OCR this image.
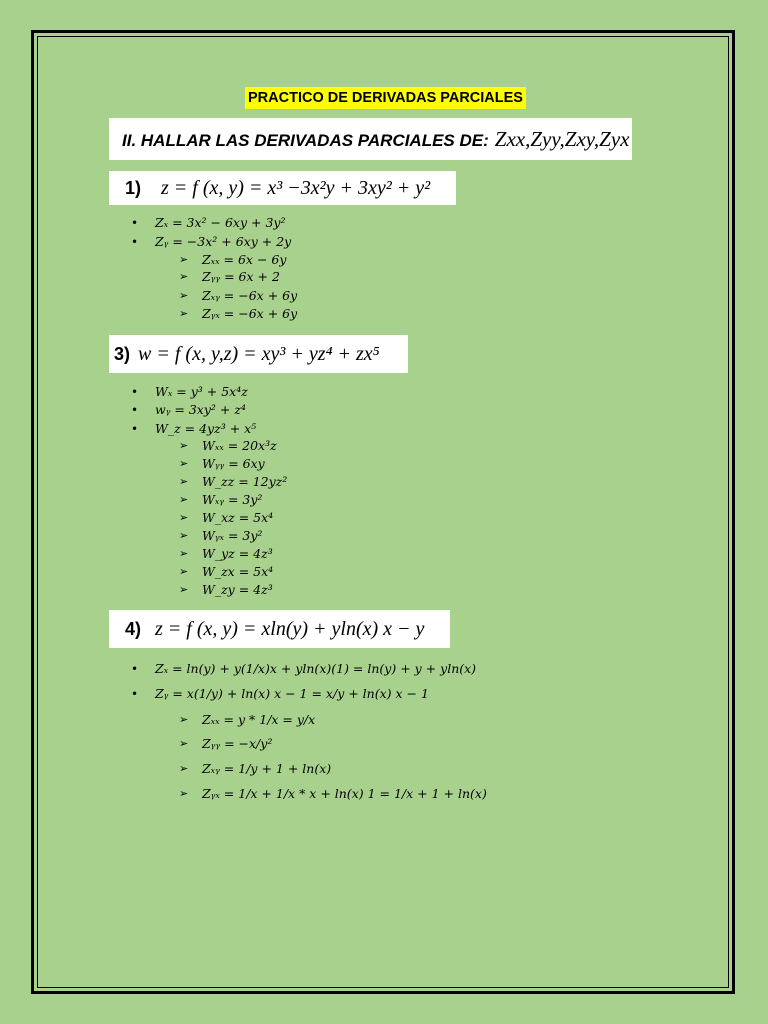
PRACTICO DE DERIVADAS PARCIALES
II. HALLAR LAS DERIVADAS PARCIALES DE: Zxx,Zyy,Zxy,Zyx
1) z = f (x, y) = x³ −3x²y + 3xy² + y²
• Zₓ = 3x² − 6xy + 3y²
• Zᵧ = −3x² + 6xy + 2y
➢ Zₓₓ = 6x − 6y
➢ Zᵧᵧ = 6x + 2
➢ Zₓᵧ = −6x + 6y
➢ Zᵧₓ = −6x + 6y
3) w = f (x, y,z) = xy³ + yz⁴ + zx⁵
• Wₓ = y³ + 5x⁴z
• wᵧ = 3xy² + z⁴
• W_z = 4yz³ + x⁵
➢ Wₓₓ = 20x³z
➢ Wᵧᵧ = 6xy
➢ W_zz = 12yz²
➢ Wₓᵧ = 3y²
➢ W_xz = 5x⁴
➢ Wᵧₓ = 3y²
➢ W_yz = 4z³
➢ W_zx = 5x⁴
➢ W_zy = 4z³
4) z = f (x, y) = xln(y) + yln(x) x − y
• Zₓ = ln(y) + y(1/x)x + yln(x)(1) = ln(y) + y + yln(x)
• Zᵧ = x(1/y) + ln(x) x − 1 = x/y + ln(x) x − 1
➢ Zₓₓ = y * 1/x = y/x
➢ Zᵧᵧ = −x/y²
➢ Zₓᵧ = 1/y + 1 + ln(x)
➢ Zᵧₓ = 1/x + 1/x * x + ln(x) 1 = 1/x + 1 + ln(x)
